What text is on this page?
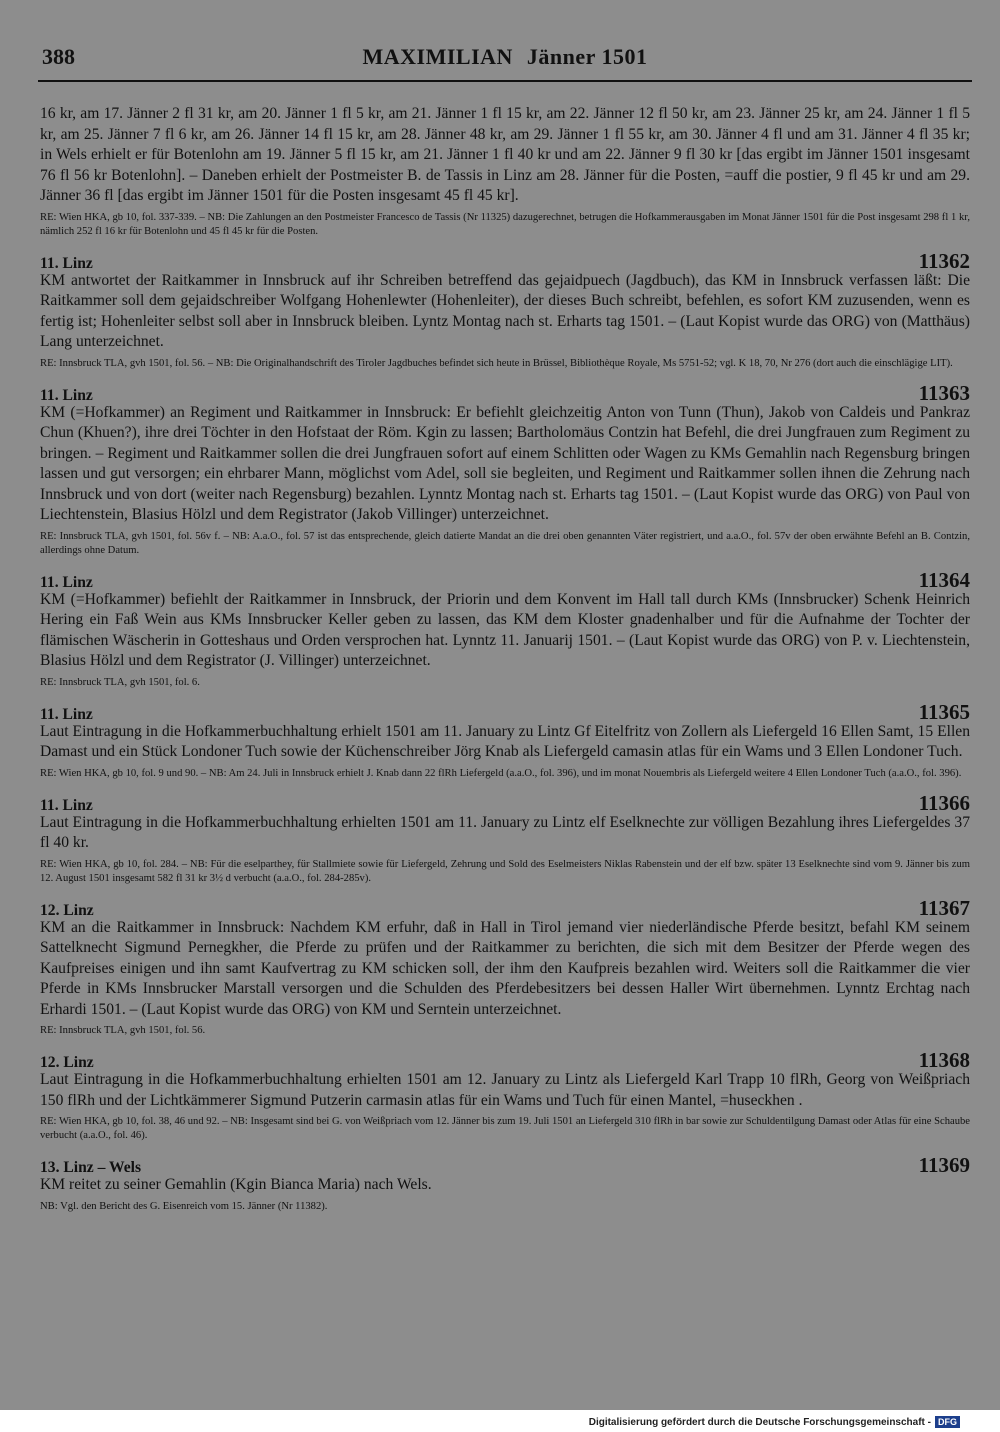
388	MAXIMILIAN Jänner 1501

16 kr, am 17. Jänner 2 fl 31 kr, am 20. Jänner 1 fl 5 kr, am 21. Jänner 1 fl 15 kr, am 22. Jänner 12 fl 50 kr, am 23. Jänner 25 kr, am 24. Jänner 1 fl 5 kr, am 25. Jänner 7 fl 6 kr, am 26. Jänner 14 fl 15 kr, am 28. Jänner 48 kr, am 29. Jänner 1 fl 55 kr, am 30. Jänner 4 fl und am 31. Jänner 4 fl 35 kr; in Wels erhielt er für Botenlohn am 19. Jänner 5 fl 15 kr, am 21. Jänner 1 fl 40 kr und am 22. Jänner 9 fl 30 kr [das ergibt im Jänner 1501 insgesamt 76 fl 56 kr Botenlohn]. – Daneben erhielt der Postmeister B. de Tassis in Linz am 28. Jänner für die Posten, =auff die postier, 9 fl 45 kr und am 29. Jänner 36 fl [das ergibt im Jänner 1501 für die Posten insgesamt 45 fl 45 kr].

RE: Wien HKA, gb 10, fol. 337-339. – NB: Die Zahlungen an den Postmeister Francesco de Tassis (Nr 11325) dazugerechnet, betrugen die Hofkammerausgaben im Monat Jänner 1501 für die Post insgesamt 298 fl 1 kr, nämlich 252 fl 16 kr für Botenlohn und 45 fl 45 kr für die Posten.

11. Linz	11362

KM antwortet der Raitkammer in Innsbruck auf ihr Schreiben betreffend das gejaidpuech (Jagdbuch), das KM in Innsbruck verfassen läßt: Die Raitkammer soll dem gejaidschreiber Wolfgang Hohenlewter (Hohenleiter), der dieses Buch schreibt, befehlen, es sofort KM zuzusenden, wenn es fertig ist; Hohenleiter selbst soll aber in Innsbruck bleiben. Lyntz Montag nach st. Erharts tag 1501. – (Laut Kopist wurde das ORG) von (Matthäus) Lang unterzeichnet.

RE: Innsbruck TLA, gvh 1501, fol. 56. – NB: Die Originalhandschrift des Tiroler Jagdbuches befindet sich heute in Brüssel, Bibliothèque Royale, Ms 5751-52; vgl. K 18, 70, Nr 276 (dort auch die einschlägige LIT).

11. Linz	11363

KM (=Hofkammer) an Regiment und Raitkammer in Innsbruck: Er befiehlt gleichzeitig Anton von Tunn (Thun), Jakob von Caldeis und Pankraz Chun (Khuen?), ihre drei Töchter in den Hofstaat der Röm. Kgin zu lassen; Bartholomäus Contzin hat Befehl, die drei Jungfrauen zum Regiment zu bringen. – Regiment und Raitkammer sollen die drei Jungfrauen sofort auf einem Schlitten oder Wagen zu KMs Gemahlin nach Regensburg bringen lassen und gut versorgen; ein ehrbarer Mann, möglichst vom Adel, soll sie begleiten, und Regiment und Raitkammer sollen ihnen die Zehrung nach Innsbruck und von dort (weiter nach Regensburg) bezahlen. Lynntz Montag nach st. Erharts tag 1501. – (Laut Kopist wurde das ORG) von Paul von Liechtenstein, Blasius Hölzl und dem Registrator (Jakob Villinger) unterzeichnet.

RE: Innsbruck TLA, gvh 1501, fol. 56v f. – NB: A.a.O., fol. 57 ist das entsprechende, gleich datierte Mandat an die drei oben genannten Väter registriert, und a.a.O., fol. 57v der oben erwähnte Befehl an B. Contzin, allerdings ohne Datum.

11. Linz	11364

KM (=Hofkammer) befiehlt der Raitkammer in Innsbruck, der Priorin und dem Konvent im Hall tall durch KMs (Innsbrucker) Schenk Heinrich Hering ein Faß Wein aus KMs Innsbrucker Keller geben zu lassen, das KM dem Kloster gnadenhalber und für die Aufnahme der Tochter der flämischen Wäscherin in Gotteshaus und Orden versprochen hat. Lynntz 11. Januarij 1501. – (Laut Kopist wurde das ORG) von P. v. Liechtenstein, Blasius Hölzl und dem Registrator (J. Villinger) unterzeichnet.

RE: Innsbruck TLA, gvh 1501, fol. 6.

11. Linz	11365

Laut Eintragung in die Hofkammerbuchhaltung erhielt 1501 am 11. January zu Lintz Gf Eitelfritz von Zollern als Liefergeld 16 Ellen Samt, 15 Ellen Damast und ein Stück Londoner Tuch sowie der Küchenschreiber Jörg Knab als Liefergeld camasin atlas für ein Wams und 3 Ellen Londoner Tuch.

RE: Wien HKA, gb 10, fol. 9 und 90. – NB: Am 24. Juli in Innsbruck erhielt J. Knab dann 22 flRh Liefergeld (a.a.O., fol. 396), und im monat Nouembris als Liefergeld weitere 4 Ellen Londoner Tuch (a.a.O., fol. 396).

11. Linz	11366

Laut Eintragung in die Hofkammerbuchhaltung erhielten 1501 am 11. January zu Lintz elf Eselknechte zur völligen Bezahlung ihres Liefergeldes 37 fl 40 kr.

RE: Wien HKA, gb 10, fol. 284. – NB: Für die eselparthey, für Stallmiete sowie für Liefergeld, Zehrung und Sold des Eselmeisters Niklas Rabenstein und der elf bzw. später 13 Eselknechte sind vom 9. Jänner bis zum 12. August 1501 insgesamt 582 fl 31 kr 3½ d verbucht (a.a.O., fol. 284-285v).

12. Linz	11367

KM an die Raitkammer in Innsbruck: Nachdem KM erfuhr, daß in Hall in Tirol jemand vier niederländische Pferde besitzt, befahl KM seinem Sattelknecht Sigmund Pernegkher, die Pferde zu prüfen und der Raitkammer zu berichten, die sich mit dem Besitzer der Pferde wegen des Kaufpreises einigen und ihn samt Kaufvertrag zu KM schicken soll, der ihm den Kaufpreis bezahlen wird. Weiters soll die Raitkammer die vier Pferde in KMs Innsbrucker Marstall versorgen und die Schulden des Pferdebesitzers bei dessen Haller Wirt übernehmen. Lynntz Erchtag nach Erhardi 1501. – (Laut Kopist wurde das ORG) von KM und Serntein unterzeichnet.

RE: Innsbruck TLA, gvh 1501, fol. 56.

12. Linz	11368

Laut Eintragung in die Hofkammerbuchhaltung erhielten 1501 am 12. January zu Lintz als Liefergeld Karl Trapp 10 flRh, Georg von Weißpriach 150 flRh und der Lichtkämmerer Sigmund Putzerin carmasin atlas für ein Wams und Tuch für einen Mantel, =huseckhen .

RE: Wien HKA, gb 10, fol. 38, 46 und 92. – NB: Insgesamt sind bei G. von Weißpriach vom 12. Jänner bis zum 19. Juli 1501 an Liefergeld 310 flRh in bar sowie zur Schuldentilgung Damast oder Atlas für eine Schaube verbucht (a.a.O., fol. 46).

13. Linz – Wels	11369

KM reitet zu seiner Gemahlin (Kgin Bianca Maria) nach Wels.

NB: Vgl. den Bericht des G. Eisenreich vom 15. Jänner (Nr 11382).

Digitalisierung gefördert durch die Deutsche Forschungsgemeinschaft - DFG
